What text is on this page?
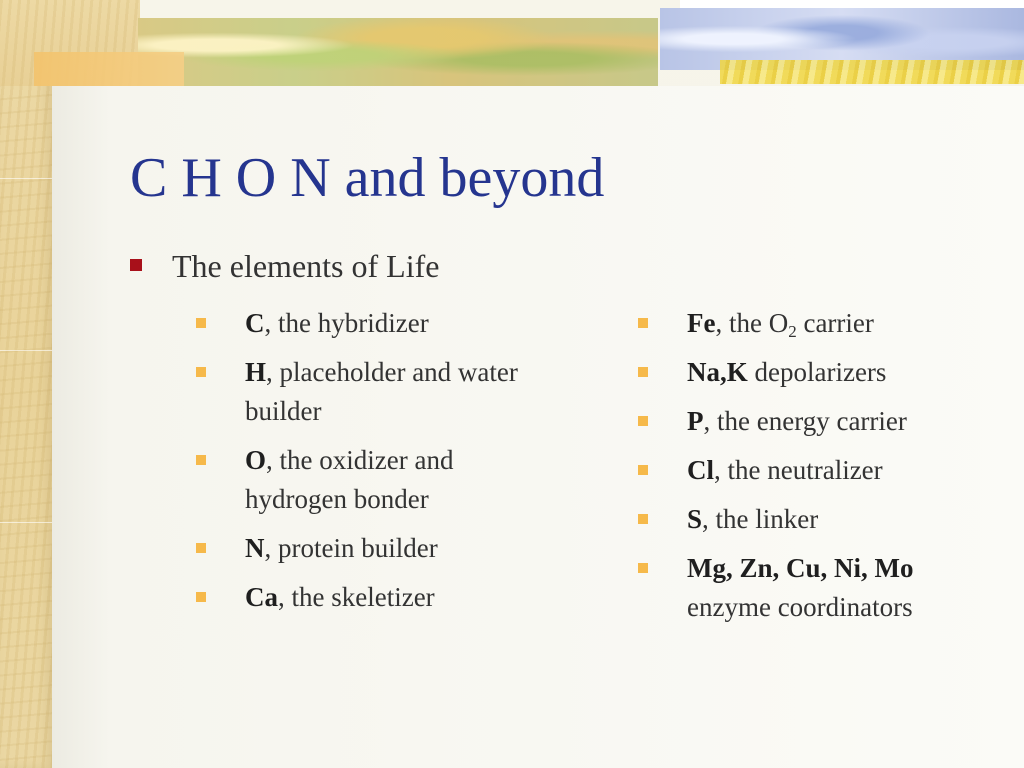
C H O N and beyond
The elements of Life
C, the hybridizer
H, placeholder and water builder
O, the oxidizer and hydrogen bonder
N, protein builder
Ca, the skeletizer
Fe, the $O_2$ carrier
Na,K depolarizers
P, the energy carrier
Cl, the neutralizer
S, the linker
Mg, Zn, Cu, Ni, Mo enzyme coordinators
